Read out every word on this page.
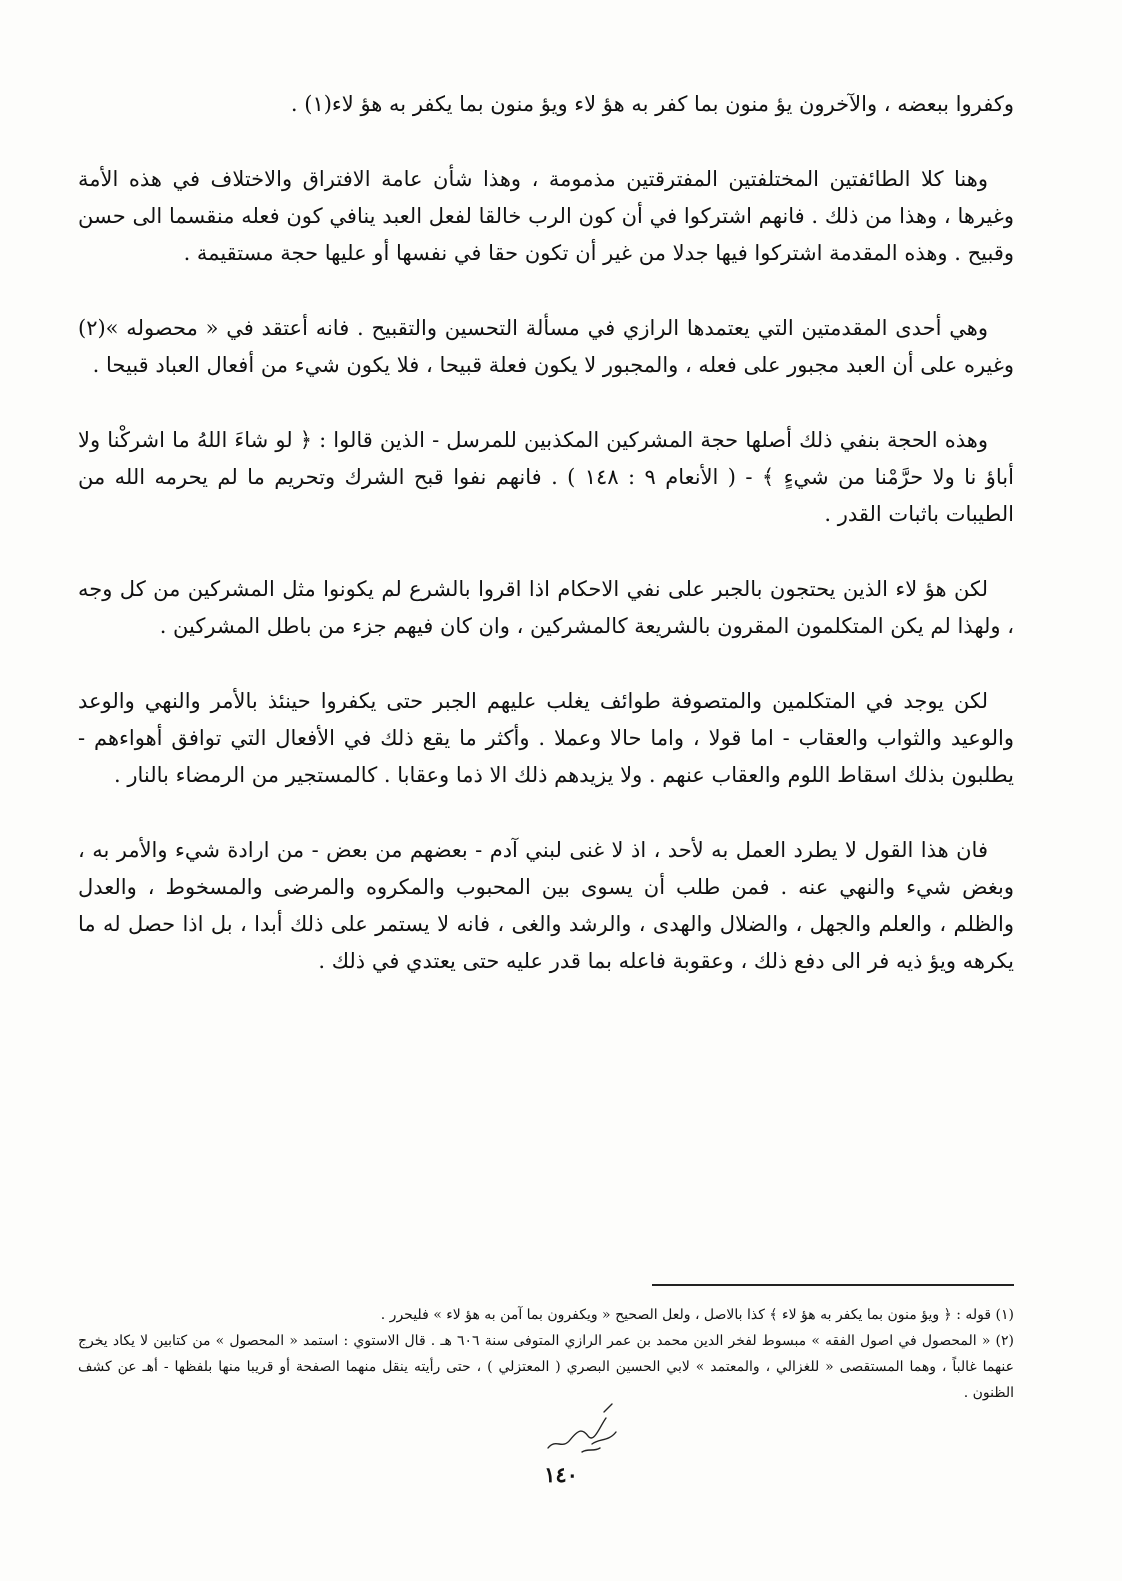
وكفروا ببعضه ، والآخرون يؤ منون بما كفر به هؤ لاء ويؤ منون بما يكفر به هؤ لاء(١) .

وهنا كلا الطائفتين المختلفتين المفترقتين مذمومة ، وهذا شأن عامة الافتراق والاختلاف في هذه الأمة وغيرها ، وهذا من ذلك . فانهم اشتركوا في أن كون الرب خالقا لفعل العبد ينافي كون فعله منقسما الى حسن وقبيح . وهذه المقدمة اشتركوا فيها جدلا من غير أن تكون حقا في نفسها أو عليها حجة مستقيمة .

وهي أحدى المقدمتين التي يعتمدها الرازي في مسألة التحسين والتقبيح . فانه أعتقد في « محصوله »(٢) وغيره على أن العبد مجبور على فعله ، والمجبور لا يكون فعلة قبيحا ، فلا يكون شيء من أفعال العباد قبيحا .

وهذه الحجة بنفي ذلك أصلها حجة المشركين المكذبين للمرسل - الذين قالوا : ﴿ لو شاءَ اللهُ ما اشركْنا ولا أباؤ نا ولا حرَّمْنا من شيءٍ ﴾ - ( الأنعام ٩ : ١٤٨ ) . فانهم نفوا قبح الشرك وتحريم ما لم يحرمه الله من الطيبات باثبات القدر .

لكن هؤ لاء الذين يحتجون بالجبر على نفي الاحكام اذا اقروا بالشرع لم يكونوا مثل المشركين من كل وجه ، ولهذا لم يكن المتكلمون المقرون بالشريعة كالمشركين ، وان كان فيهم جزء من باطل المشركين .

لكن يوجد في المتكلمين والمتصوفة طوائف يغلب عليهم الجبر حتى يكفروا حينئذ بالأمر والنهي والوعد والوعيد والثواب والعقاب - اما قولا ، واما حالا وعملا . وأكثر ما يقع ذلك في الأفعال التي توافق أهواءهم - يطلبون بذلك اسقاط اللوم والعقاب عنهم . ولا يزيدهم ذلك الا ذما وعقابا . كالمستجير من الرمضاء بالنار .

فان هذا القول لا يطرد العمل به لأحد ، اذ لا غنى لبني آدم - بعضهم من بعض - من ارادة شيء والأمر به ، وبغض شيء والنهي عنه . فمن طلب أن يسوى بين المحبوب والمكروه والمرضى والمسخوط ، والعدل والظلم ، والعلم والجهل ، والضلال والهدى ، والرشد والغى ، فانه لا يستمر على ذلك أبدا ، بل اذا حصل له ما يكرهه ويؤ ذيه فر الى دفع ذلك ، وعقوبة فاعله بما قدر عليه حتى يعتدي في ذلك .

(١) قوله : ﴿ ويؤ منون بما يكفر به هؤ لاء ﴾ كذا بالاصل ، ولعل الصحيح « ويكفرون بما آمن به هؤ لاء » فليحرر .

(٢) « المحصول في اصول الفقه » مبسوط لفخر الدين محمد بن عمر الرازي المتوفى سنة ٦٠٦ هـ . قال الاستوي : استمد « المحصول » من كتابين لا يكاد يخرج عنهما غالباً ، وهما المستقصى « للغزالي ، والمعتمد » لابي الحسين البصري ( المعتزلي ) ، حتى رأيته ينقل منهما الصفحة أو قريبا منها بلفظها - أهـ عن كشف الظنون .

١٤٠
